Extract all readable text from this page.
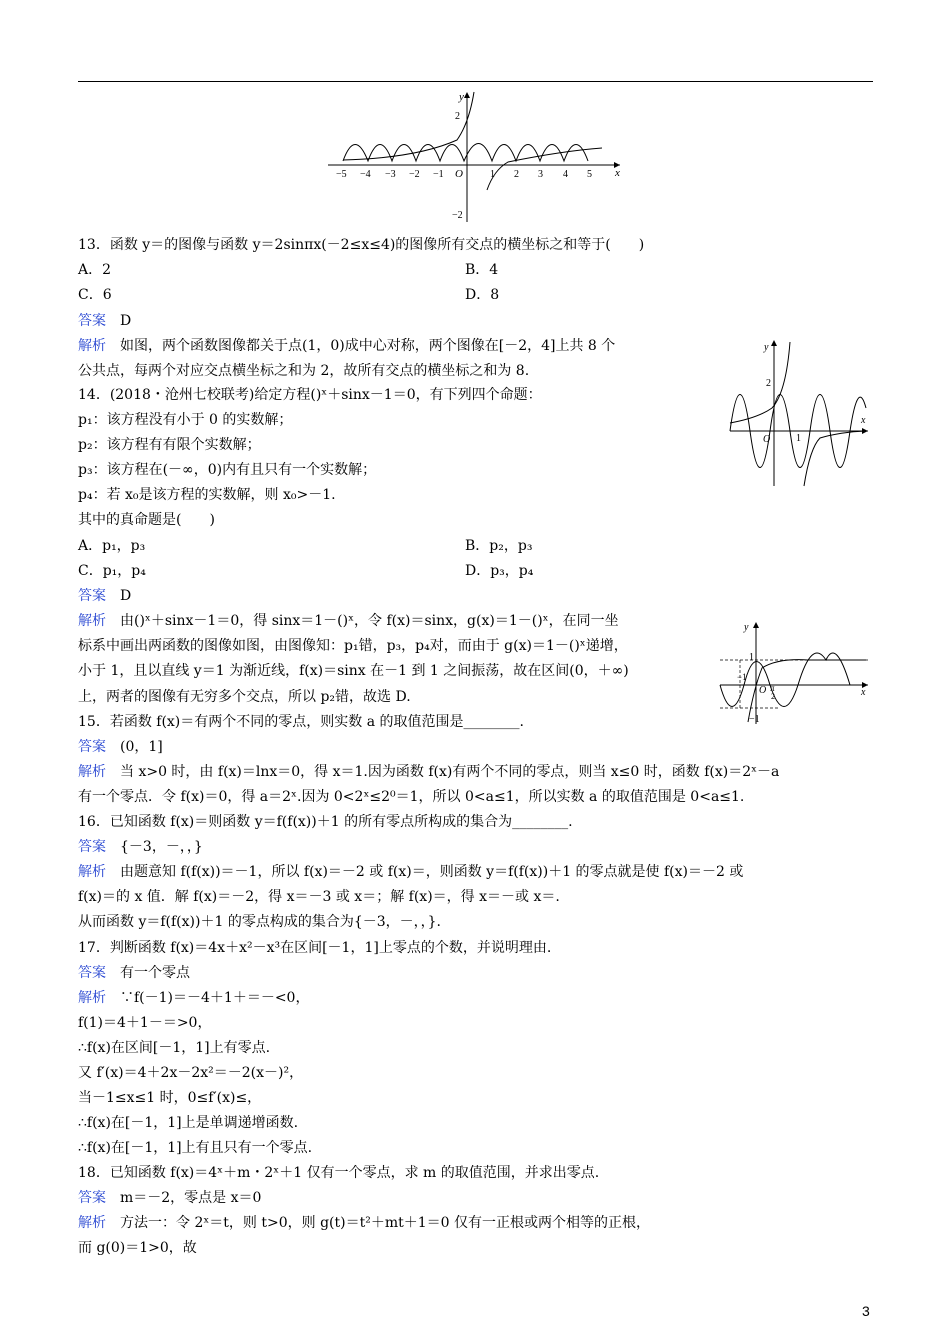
x
y
O
2
−2
−5 −4 −3 −2 −1	1 2 3 4 5
x
y
O
2
1
x
y
O
1
−1
π
2
−1
13．函数 y＝的图像与函数 y＝2sinπx(－2≤x≤4)的图像所有交点的横坐标之和等于(　　)
A．2	B．4
C．6	D．8
答案　D
解析　如图，两个函数图像都关于点(1，0)成中心对称，两个图像在[－2，4]上共 8 个
公共点，每两个对应交点横坐标之和为 2，故所有交点的横坐标之和为 8.
14．(2018・沧州七校联考)给定方程()ˣ＋sinx－1＝0，有下列四个命题：
p₁：该方程没有小于 0 的实数解；
p₂：该方程有有限个实数解；
p₃：该方程在(－∞，0)内有且只有一个实数解；
p₄：若 x₀是该方程的实数解，则 x₀>－1.
其中的真命题是(　　)
A．p₁，p₃	B．p₂，p₃
C．p₁，p₄	D．p₃，p₄
答案　D
解析　由()ˣ＋sinx－1＝0，得 sinx＝1－()ˣ，令 f(x)＝sinx，g(x)＝1－()ˣ，在同一坐
标系中画出两函数的图像如图，由图像知：p₁错，p₃，p₄对，而由于 g(x)＝1－()ˣ递增，
小于 1，且以直线 y＝1 为渐近线，f(x)＝sinx 在－1 到 1 之间振荡，故在区间(0，＋∞)
上，两者的图像有无穷多个交点，所以 p₂错，故选 D.
15．若函数 f(x)＝有两个不同的零点，则实数 a 的取值范围是________.
答案　(0，1]
解析　当 x>0 时，由 f(x)＝lnx＝0，得 x＝1.因为函数 f(x)有两个不同的零点，则当 x≤0 时，函数 f(x)＝2ˣ－a
有一个零点．令 f(x)＝0，得 a＝2ˣ.因为 0<2ˣ≤2⁰＝1，所以 0<a≤1，所以实数 a 的取值范围是 0<a≤1.
16．已知函数 f(x)＝则函数 y＝f(f(x))＋1 的所有零点所构成的集合为________.
答案　{－3，－，，}
解析　由题意知 f(f(x))＝－1，所以 f(x)＝－2 或 f(x)＝，则函数 y＝f(f(x))＋1 的零点就是使 f(x)＝－2 或
f(x)＝的 x 值．解 f(x)＝－2，得 x＝－3 或 x＝；解 f(x)＝，得 x＝－或 x＝.
从而函数 y＝f(f(x))＋1 的零点构成的集合为{－3，－，，}.
17．判断函数 f(x)＝4x＋x²－x³在区间[－1，1]上零点的个数，并说明理由.
答案　有一个零点
解析　∵f(－1)＝－4＋1＋＝－<0，
f(1)＝4＋1－＝>0，
∴f(x)在区间[－1，1]上有零点.
又 f′(x)＝4＋2x－2x²＝－2(x－)²，
当－1≤x≤1 时，0≤f′(x)≤，
∴f(x)在[－1，1]上是单调递增函数.
∴f(x)在[－1，1]上有且只有一个零点.
18．已知函数 f(x)＝4ˣ＋m・2ˣ＋1 仅有一个零点，求 m 的取值范围，并求出零点.
答案　m＝－2，零点是 x＝0
解析　方法一：令 2ˣ＝t，则 t>0，则 g(t)＝t²＋mt＋1＝0 仅有一正根或两个相等的正根，
而 g(0)＝1>0，故
3
